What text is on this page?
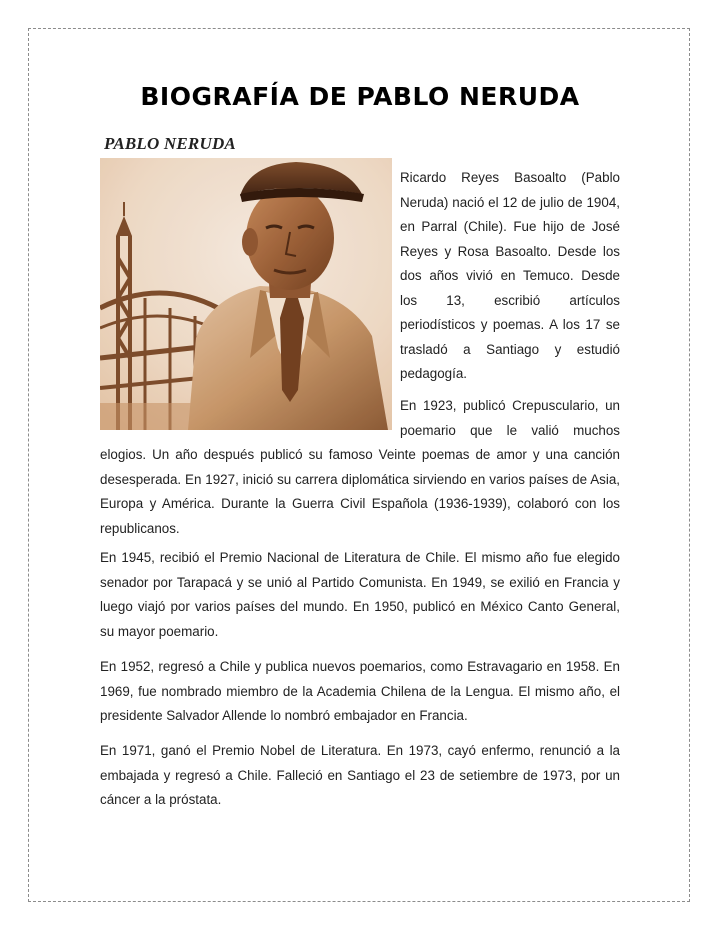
BIOGRAFÍA DE PABLO NERUDA
PABLO NERUDA

Ricardo Reyes Basoalto (Pablo Neruda) nació el 12 de julio de 1904, en Parral (Chile). Fue hijo de José Reyes y Rosa Basoalto. Desde los dos años vivió en Temuco. Desde los 13, escribió artículos periodísticos y poemas. A los 17 se trasladó a Santiago y estudió pedagogía.

En 1923, publicó Crepusculario, un poemario que le valió muchos

elogios. Un año después publicó su famoso Veinte poemas de amor y una canción desesperada. En 1927, inició su carrera diplomática sirviendo en varios países de Asia, Europa y América. Durante la Guerra Civil Española (1936-1939), colaboró con los republicanos.

En 1945, recibió el Premio Nacional de Literatura de Chile. El mismo año fue elegido senador por Tarapacá y se unió al Partido Comunista. En 1949, se exilió en Francia y luego viajó por varios países del mundo. En 1950, publicó en México Canto General, su mayor poemario.

En 1952, regresó a Chile y publica nuevos poemarios, como Estravagario en 1958. En 1969, fue nombrado miembro de la Academia Chilena de la Lengua. El mismo año, el presidente Salvador Allende lo nombró embajador en Francia.

En 1971, ganó el Premio Nobel de Literatura. En 1973, cayó enfermo, renunció a la embajada y regresó a Chile. Falleció en Santiago el 23 de setiembre de 1973, por un cáncer a la próstata.
